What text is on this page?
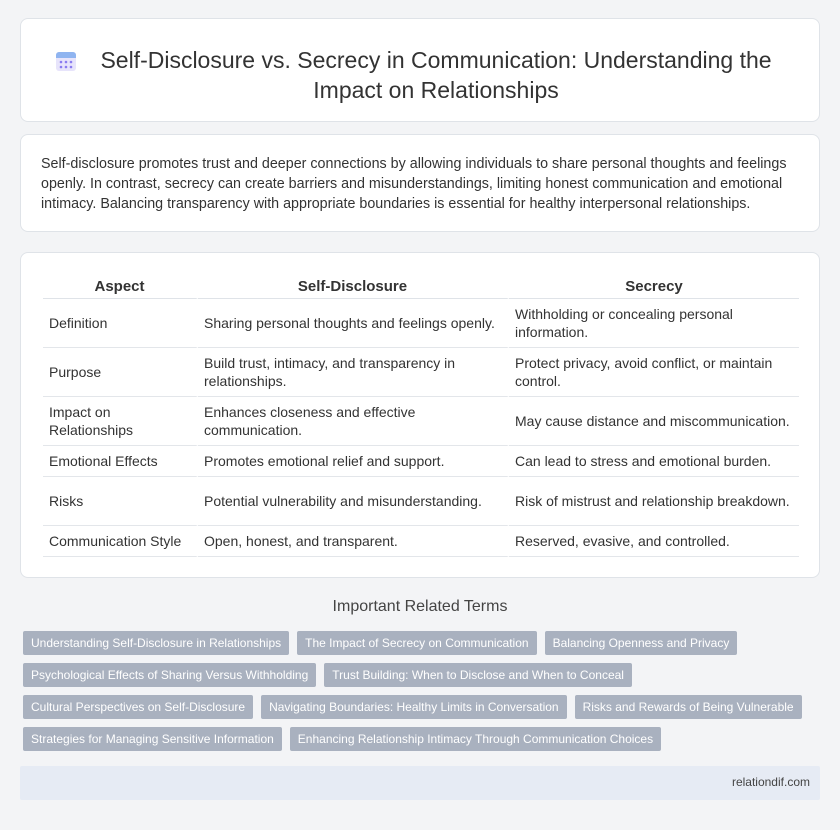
Self-Disclosure vs. Secrecy in Communication: Understanding the Impact on Relationships

Self-disclosure promotes trust and deeper connections by allowing individuals to share personal thoughts and feelings openly. In contrast, secrecy can create barriers and misunderstandings, limiting honest communication and emotional intimacy. Balancing transparency with appropriate boundaries is essential for healthy interpersonal relationships.

Aspect	Self-Disclosure	Secrecy
Definition	Sharing personal thoughts and feelings openly.	Withholding or concealing personal information.
Purpose	Build trust, intimacy, and transparency in relationships.	Protect privacy, avoid conflict, or maintain control.
Impact on Relationships	Enhances closeness and effective communication.	May cause distance and miscommunication.
Emotional Effects	Promotes emotional relief and support.	Can lead to stress and emotional burden.
Risks	Potential vulnerability and misunderstanding.	Risk of mistrust and relationship breakdown.
Communication Style	Open, honest, and transparent.	Reserved, evasive, and controlled.
Important Related Terms
Understanding Self-Disclosure in Relationships	The Impact of Secrecy on Communication	Balancing Openness and Privacy
Psychological Effects of Sharing Versus Withholding	Trust Building: When to Disclose and When to Conceal
Cultural Perspectives on Self-Disclosure	Navigating Boundaries: Healthy Limits in Conversation	Risks and Rewards of Being Vulnerable
Strategies for Managing Sensitive Information	Enhancing Relationship Intimacy Through Communication Choices
relationdif.com
